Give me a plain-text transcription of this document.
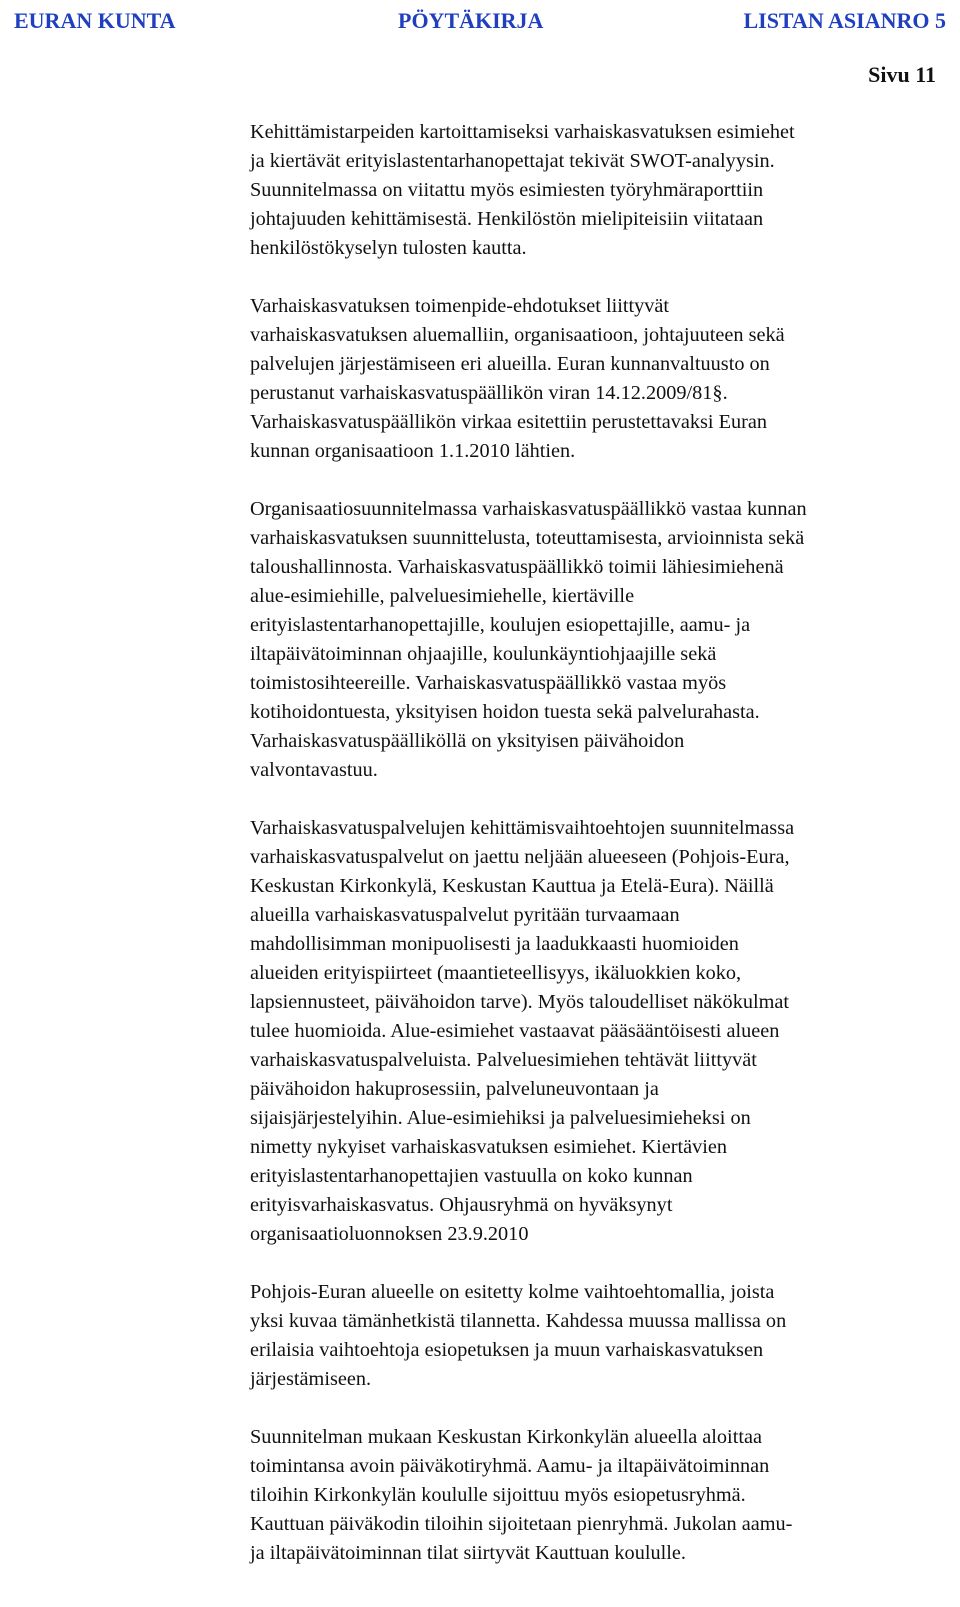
EURAN KUNTA	PÖYTÄKIRJA	LISTAN ASIANRO 5
Sivu 11

Kehittämistarpeiden kartoittamiseksi varhaiskasvatuksen esimiehet
ja kiertävät erityislastentarhanopettajat tekivät SWOT-analyysin.
Suunnitelmassa on viitattu myös esimiesten työryhmäraporttiin
johtajuuden kehittämisestä. Henkilöstön mielipiteisiin viitataan
henkilöstökyselyn tulosten kautta.

Varhaiskasvatuksen toimenpide-ehdotukset liittyvät
varhaiskasvatuksen aluemalliin, organisaatioon, johtajuuteen sekä
palvelujen järjestämiseen eri alueilla. Euran kunnanvaltuusto on
perustanut varhaiskasvatuspäällikön viran 14.12.2009/81§.
Varhaiskasvatuspäällikön virkaa esitettiin perustettavaksi Euran
kunnan organisaatioon 1.1.2010 lähtien.

Organisaatiosuunnitelmassa varhaiskasvatuspäällikkö vastaa kunnan
varhaiskasvatuksen suunnittelusta, toteuttamisesta, arvioinnista sekä
taloushallinnosta. Varhaiskasvatuspäällikkö toimii lähiesimiehenä
alue-esimiehille, palveluesimiehelle, kiertäville
erityislastentarhanopettajille, koulujen esiopettajille, aamu- ja
iltapäivätoiminnan ohjaajille, koulunkäyntiohjaajille sekä
toimistosihteereille. Varhaiskasvatuspäällikkö vastaa myös
kotihoidontuesta, yksityisen hoidon tuesta sekä palvelurahasta.
Varhaiskasvatuspäälliköllä on yksityisen päivähoidon
valvontavastuu.

Varhaiskasvatuspalvelujen kehittämisvaihtoehtojen suunnitelmassa
varhaiskasvatuspalvelut on jaettu neljään alueeseen (Pohjois-Eura,
Keskustan Kirkonkylä, Keskustan Kauttua ja Etelä-Eura). Näillä
alueilla varhaiskasvatuspalvelut pyritään turvaamaan
mahdollisimman monipuolisesti ja laadukkaasti huomioiden
alueiden erityispiirteet (maantieteellisyys, ikäluokkien koko,
lapsiennusteet, päivähoidon tarve). Myös taloudelliset näkökulmat
tulee huomioida. Alue-esimiehet vastaavat pääsääntöisesti alueen
varhaiskasvatuspalveluista. Palveluesimiehen tehtävät liittyvät
päivähoidon hakuprosessiin, palveluneuvontaan ja
sijaisjärjestelyihin. Alue-esimiehiksi ja palveluesimieheksi on
nimetty nykyiset varhaiskasvatuksen esimiehet. Kiertävien
erityislastentarhanopettajien vastuulla on koko kunnan
erityisvarhaiskasvatus. Ohjausryhmä on hyväksynyt
organisaatioluonnoksen 23.9.2010

Pohjois-Euran alueelle on esitetty kolme vaihtoehtomallia, joista
yksi kuvaa tämänhetkistä tilannetta. Kahdessa muussa mallissa on
erilaisia vaihtoehtoja esiopetuksen ja muun varhaiskasvatuksen
järjestämiseen.

Suunnitelman mukaan Keskustan Kirkonkylän alueella aloittaa
toimintansa avoin päiväkotiryhmä. Aamu- ja iltapäivätoiminnan
tiloihin Kirkonkylän koululle sijoittuu myös esiopetusryhmä.
Kauttuan päiväkodin tiloihin sijoitetaan pienryhmä. Jukolan aamu-
ja iltapäivätoiminnan tilat siirtyvät Kauttuan koululle.
